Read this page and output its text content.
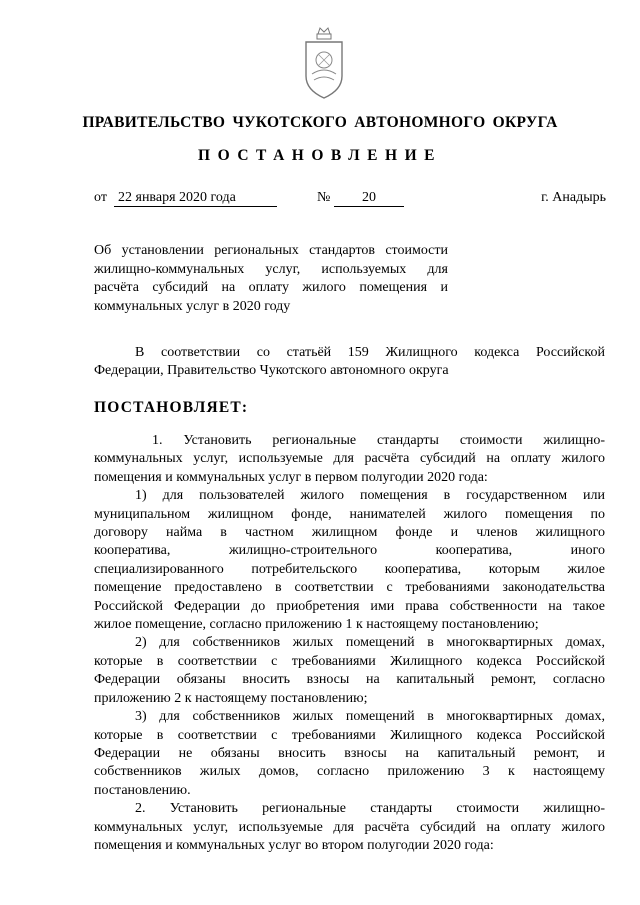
ПРАВИТЕЛЬСТВО ЧУКОТСКОГО АВТОНОМНОГО ОКРУГА
ПОСТАНОВЛЕНИЕ
от 22 января 2020 года	№	20	г. Анадырь
Об установлении региональных стандартов стоимости
жилищно-коммунальных услуг, используемых для
расчёта субсидий на оплату жилого помещения и
коммунальных услуг в 2020 году
В соответствии со статьёй 159 Жилищного кодекса Российской
Федерации, Правительство Чукотского автономного округа
ПОСТАНОВЛЯЕТ:
1. Установить региональные стандарты стоимости жилищно-
коммунальных услуг, используемые для расчёта субсидий на оплату жилого
помещения и коммунальных услуг в первом полугодии 2020 года:
1) для пользователей жилого помещения в государственном или
муниципальном жилищном фонде, нанимателей жилого помещения по
договору найма в частном жилищном фонде и членов жилищного
кооператива, жилищно-строительного кооператива, иного
специализированного потребительского кооператива, которым жилое
помещение предоставлено в соответствии с требованиями законодательства
Российской Федерации до приобретения ими права собственности на такое
жилое помещение, согласно приложению 1 к настоящему постановлению;
2) для собственников жилых помещений в многоквартирных домах,
которые в соответствии с требованиями Жилищного кодекса Российской
Федерации обязаны вносить взносы на капитальный ремонт, согласно
приложению 2 к настоящему постановлению;
3) для собственников жилых помещений в многоквартирных домах,
которые в соответствии с требованиями Жилищного кодекса Российской
Федерации не обязаны вносить взносы на капитальный ремонт, и
собственников жилых домов, согласно приложению 3 к настоящему
постановлению.
2. Установить региональные стандарты стоимости жилищно-
коммунальных услуг, используемые для расчёта субсидий на оплату жилого
помещения и коммунальных услуг во втором полугодии 2020 года:
